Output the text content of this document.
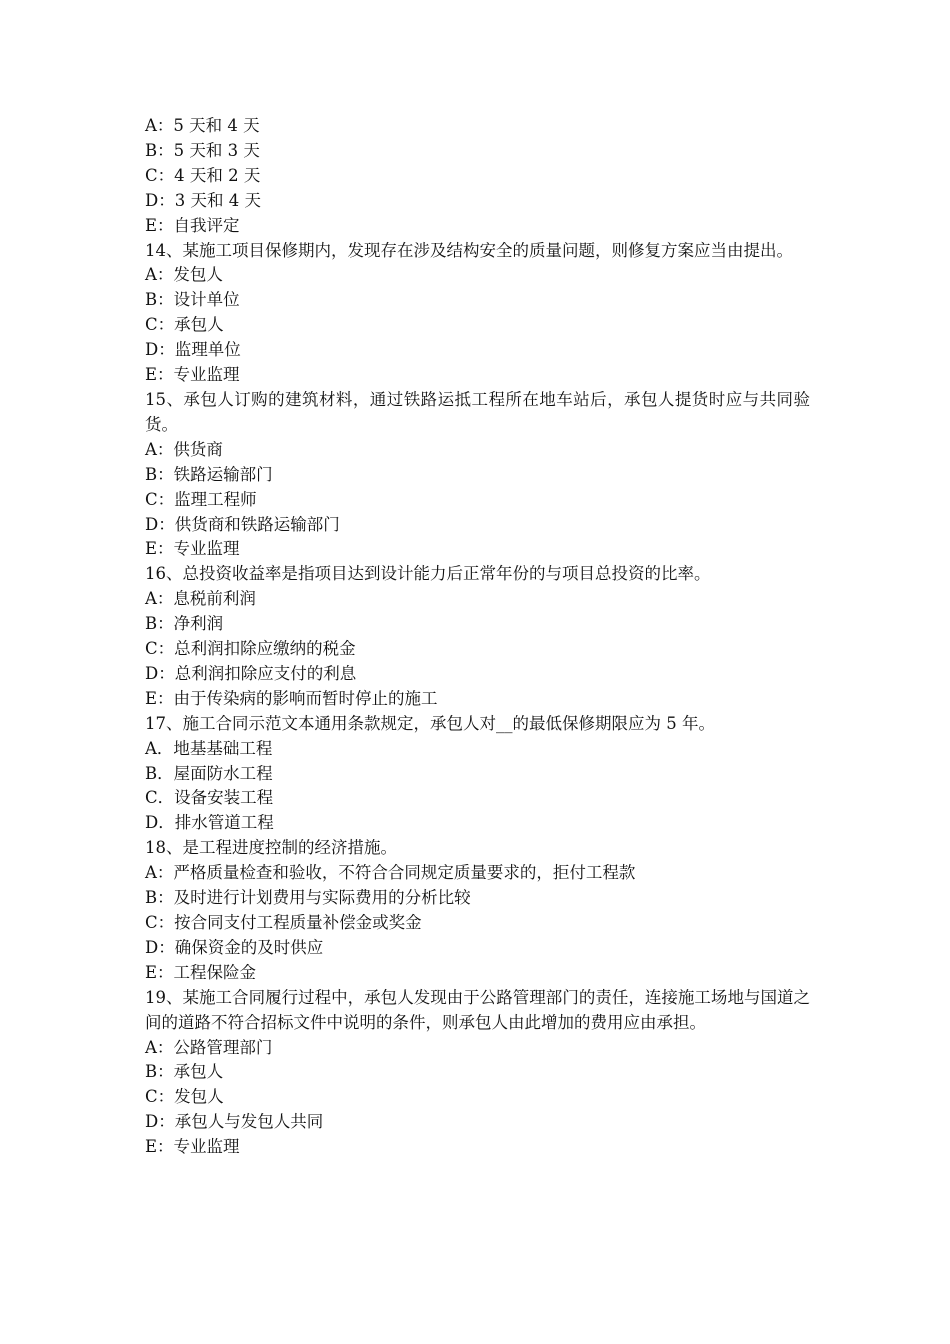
A：5 天和 4 天

B：5 天和 3 天

C：4 天和 2 天

D：3 天和 4 天

E：自我评定

14、某施工项目保修期内，发现存在涉及结构安全的质量问题，则修复方案应当由提出。

A：发包人

B：设计单位

C：承包人

D：监理单位

E：专业监理

15、承包人订购的建筑材料，通过铁路运抵工程所在地车站后，承包人提货时应与共同验货。

A：供货商

B：铁路运输部门

C：监理工程师

D：供货商和铁路运输部门

E：专业监理

16、总投资收益率是指项目达到设计能力后正常年份的与项目总投资的比率。

A：息税前利润

B：净利润

C：总利润扣除应缴纳的税金

D：总利润扣除应支付的利息

E：由于传染病的影响而暂时停止的施工

17、施工合同示范文本通用条款规定，承包人对__的最低保修期限应为 5 年。

A．地基基础工程

B．屋面防水工程

C．设备安装工程

D．排水管道工程

18、是工程进度控制的经济措施。

A：严格质量检查和验收，不符合合同规定质量要求的，拒付工程款

B：及时进行计划费用与实际费用的分析比较

C：按合同支付工程质量补偿金或奖金

D：确保资金的及时供应

E：工程保险金

19、某施工合同履行过程中，承包人发现由于公路管理部门的责任，连接施工场地与国道之间的道路不符合招标文件中说明的条件，则承包人由此增加的费用应由承担。

A：公路管理部门

B：承包人

C：发包人

D：承包人与发包人共同

E：专业监理
